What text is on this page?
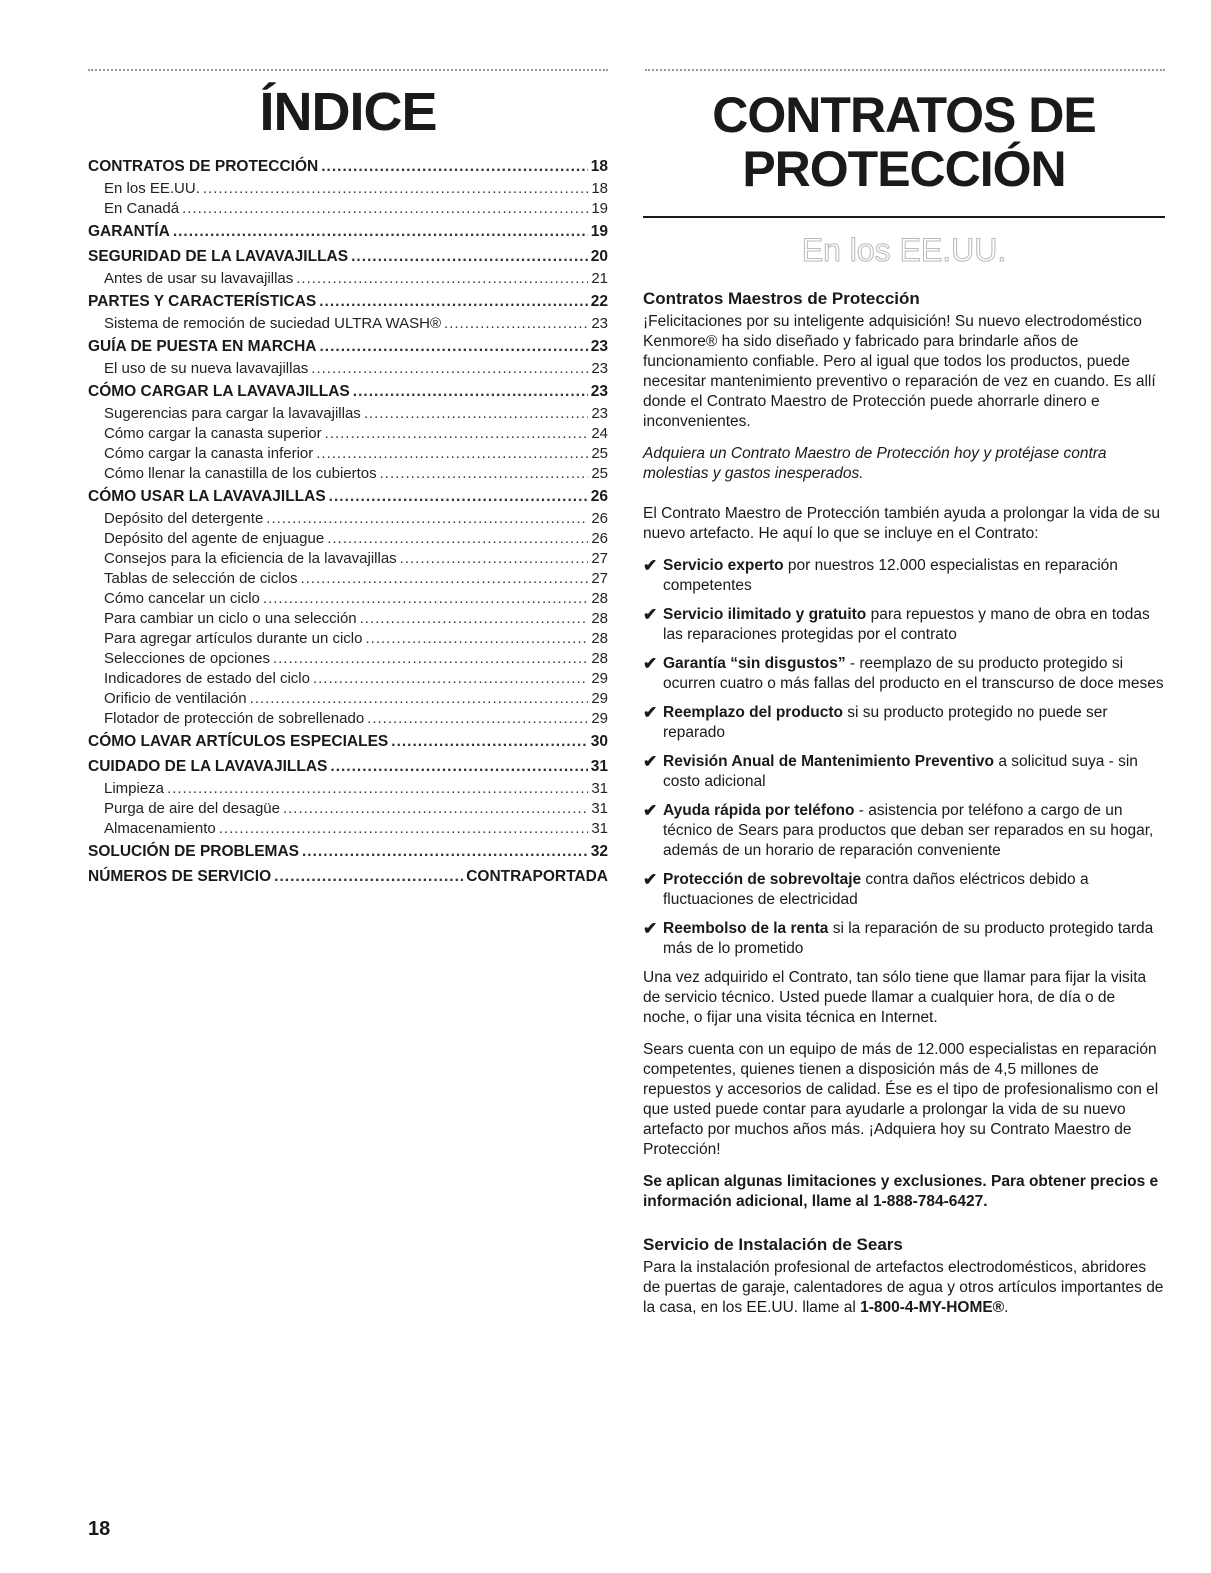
ÍNDICE
CONTRATOS DE PROTECCIÓN .....	18
En los EE.UU. .....	18
En Canadá .....	19
GARANTÍA .....	19
SEGURIDAD DE LA LAVAVAJILLAS .....	20
Antes de usar su lavavajillas .....	21
PARTES Y CARACTERÍSTICAS .....	22
Sistema de remoción de suciedad ULTRA WASH® .....	23
GUÍA DE PUESTA EN MARCHA .....	23
El uso de su nueva lavavajillas .....	23
CÓMO CARGAR LA LAVAVAJILLAS .....	23
Sugerencias para cargar la lavavajillas .....	23
Cómo cargar la canasta superior .....	24
Cómo cargar la canasta inferior .....	25
Cómo llenar la canastilla de los cubiertos .....	25
CÓMO USAR LA LAVAVAJILLAS .....	26
Depósito del detergente .....	26
Depósito del agente de enjuague .....	26
Consejos para la eficiencia de la lavavajillas .....	27
Tablas de selección de ciclos .....	27
Cómo cancelar un ciclo .....	28
Para cambiar un ciclo o una selección .....	28
Para agregar artículos durante un ciclo .....	28
Selecciones de opciones .....	28
Indicadores de estado del ciclo .....	29
Orificio de ventilación .....	29
Flotador de protección de sobrellenado .....	29
CÓMO LAVAR ARTÍCULOS ESPECIALES .....	30
CUIDADO DE LA LAVAVAJILLAS .....	31
Limpieza .....	31
Purga de aire del desagüe .....	31
Almacenamiento .....	31
SOLUCIÓN DE PROBLEMAS .....	32
NÚMEROS DE SERVICIO .....	CONTRAPORTADA
CONTRATOS DE
PROTECCIÓN
En los EE.UU.
Contratos Maestros de Protección

¡Felicitaciones por su inteligente adquisición! Su nuevo electrodoméstico Kenmore® ha sido diseñado y fabricado para brindarle años de funcionamiento confiable. Pero al igual que todos los productos, puede necesitar mantenimiento preventivo o reparación de vez en cuando. Es allí donde el Contrato Maestro de Protección puede ahorrarle dinero e inconvenientes.

Adquiera un Contrato Maestro de Protección hoy y protéjase contra molestias y gastos inesperados.

El Contrato Maestro de Protección también ayuda a prolongar la vida de su nuevo artefacto. He aquí lo que se incluye en el Contrato:

✔ Servicio experto por nuestros 12.000 especialistas en reparación competentes
✔ Servicio ilimitado y gratuito para repuestos y mano de obra en todas las reparaciones protegidas por el contrato
✔ Garantía “sin disgustos” - reemplazo de su producto protegido si ocurren cuatro o más fallas del producto en el transcurso de doce meses
✔ Reemplazo del producto si su producto protegido no puede ser reparado
✔ Revisión Anual de Mantenimiento Preventivo a solicitud suya - sin costo adicional
✔ Ayuda rápida por teléfono - asistencia por teléfono a cargo de un técnico de Sears para productos que deban ser reparados en su hogar, además de un horario de reparación conveniente
✔ Protección de sobrevoltaje contra daños eléctricos debido a fluctuaciones de electricidad
✔ Reembolso de la renta si la reparación de su producto protegido tarda más de lo prometido

Una vez adquirido el Contrato, tan sólo tiene que llamar para fijar la visita de servicio técnico. Usted puede llamar a cualquier hora, de día o de noche, o fijar una visita técnica en Internet.

Sears cuenta con un equipo de más de 12.000 especialistas en reparación competentes, quienes tienen a disposición más de 4,5 millones de repuestos y accesorios de calidad. Ése es el tipo de profesionalismo con el que usted puede contar para ayudarle a prolongar la vida de su nuevo artefacto por muchos años más. ¡Adquiera hoy su Contrato Maestro de Protección!

Se aplican algunas limitaciones y exclusiones. Para obtener precios e información adicional, llame al 1-888-784-6427.

Servicio de Instalación de Sears

Para la instalación profesional de artefactos electrodomésticos, abridores de puertas de garaje, calentadores de agua y otros artículos importantes de la casa, en los EE.UU. llame al 1-800-4-MY-HOME®.

18
